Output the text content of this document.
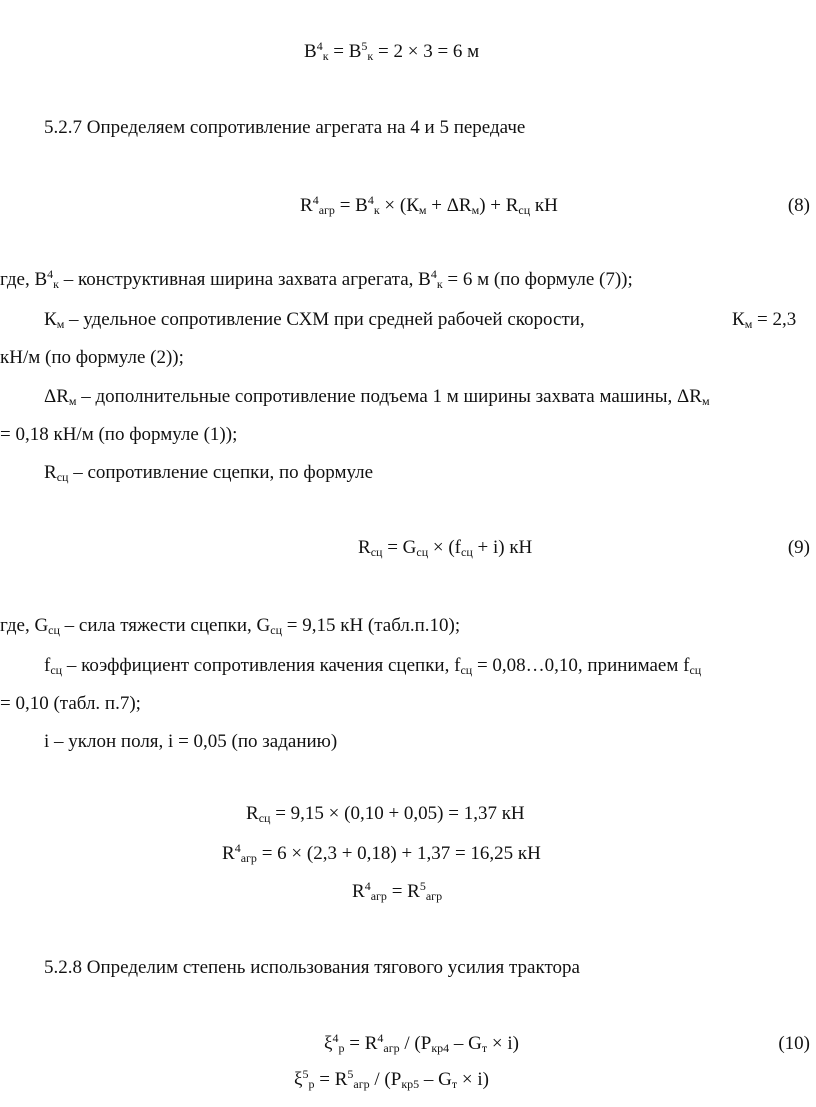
$B^4_к = B^5_к = 2 \times 3 = 6$ м
5.2.7 Определяем сопротивление агрегата на 4 и 5 передаче
$R^4_{агр} = B^4_к \times (К_м + \Delta R_м) + R_{сц}$ кН	(8)
где, $B^4_к$ – конструктивная ширина захвата агрегата, $B^4_к = 6$ м (по формуле (7));
$К_м$ – удельное сопротивление СХМ при средней рабочей скорости,	$К_м = 2,3$
кН/м (по формуле (2));
$\Delta R_м$ – дополнительные сопротивление подъема 1 м ширины захвата машины, $\Delta R_м$
= 0,18 кН/м (по формуле (1));
$R_{сц}$ – сопротивление сцепки, по формуле
$R_{сц} = G_{сц} \times (f_{сц} + i)$ кН	(9)
где, $G_{сц}$ – сила тяжести сцепки, $G_{сц} = 9,15$ кН (табл.п.10);
$f_{сц}$ – коэффициент сопротивления качения сцепки, $f_{сц}$ = 0,08…0,10, принимаем $f_{сц}$
= 0,10 (табл. п.7);
i – уклон поля, i = 0,05 (по заданию)
$R_{сц} = 9,15 \times (0,10 + 0,05) = 1,37$ кН
$R^4_{агр} = 6 \times (2,3 + 0,18) + 1,37 = 16,25$ кН
$R^4_{агр} = R^5_{агр}$
5.2.8 Определим степень использования тягового усилия трактора
$\xi^4_р = R^4_{агр} / (P_{кр4} - G_т \times i)$	(10)
$\xi^5_р = R^5_{агр} / (P_{кр5} - G_т \times i)$
